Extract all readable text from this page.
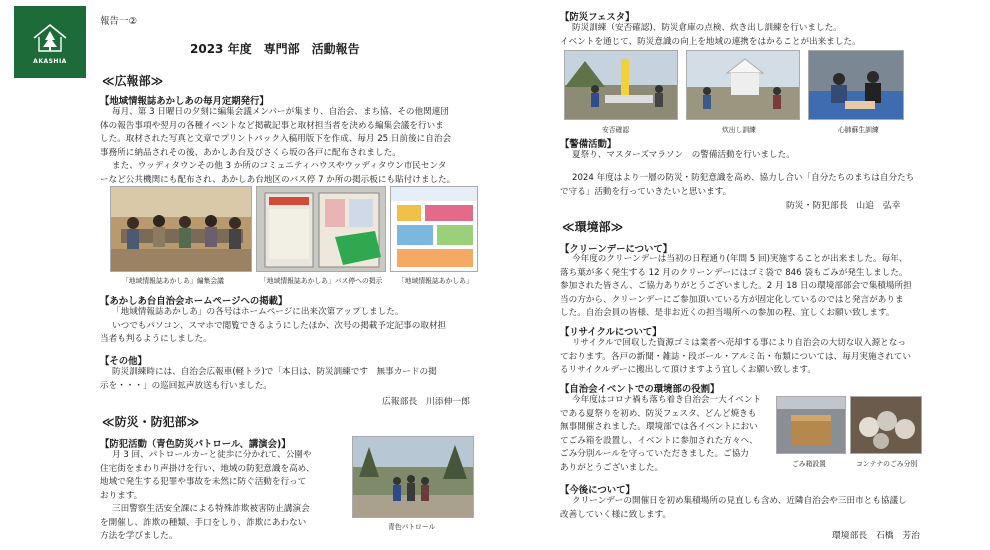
AKASHIA
報告一②
2023 年度　専門部　活動報告
≪広報部≫
【地域情報誌あかしあの毎月定期発行】
毎月、第 3 日曜日の夕刻に編集会議メンバーが集まり、自治会、まち協、その他関連団
体の報告事項や翌月の各種イベントなど掲載記事と取材担当者を決める編集会議を行いま
した。取材された写真と文章でプリントパック入稿用版下を作成、毎月 25 日前後に自治会
事務所に納品されその後、あかしあ台及びさくら坂の各戸に配布されました。
また、ウッディタウンその他 3 か所のコミュニティハウスやウッディタウン市民センタ
ーなど公共機関にも配布され、あかしあ台地区のバス停 7 か所の掲示板にも貼付けました。
「地域情報誌あかしあ」編集会議	「地域情報誌あかしあ」バス停への掲示 「地域情報誌あかしあ」
【あかしあ台自治会ホームページへの掲載】
「地域情報誌あかしあ」の各号はホームページに出来次第アップしました。
いつでもパソコン、スマホで閲覧できるようにしたほか、次号の掲載予定記事の取材担
当者も判るようにしました。
【その他】
防災訓練時には、自治会広報車(軽トラ)で「本日は、防災訓練です　無事カードの掲
示を・・・」の巡回拡声放送も行いました。
広報部長　川添伸一郎
≪防災・防犯部≫
【防犯活動（青色防災パトロール、講演会)】
月 3 回、パトロールカーと徒歩に分かれて、公園や
住宅街をまわり声掛けを行い、地域の防犯意識を高め、
地域で発生する犯罪や事故を未然に防ぐ活動を行って
おります。
三田警察生活安全課による特殊詐欺被害防止講演会
を開催し、詐欺の種類、手口をしり、詐欺にあわない
方法を学びました。
青色パトロール
【防災フェスタ】
防災訓練（安否確認)、防災倉庫の点検、炊き出し訓練を行いました。
イベントを通じて、防災意識の向上を地域の連携をはかることが出来ました。
安否確認	炊出し訓練	心肺蘇生訓練
【警備活動】
夏祭り、マスターズマラソン　の警備活動を行いました。
2024 年度はより一層の防災・防犯意識を高め、協力し合い「自分たちのまちは自分たち
で守る」活動を行っていきたいと思います。
防災・防犯部長　山追　弘幸
≪環境部≫
【クリーンデーについて】
今年度のクリーンデーは当初の日程通り(年間 5 回)実施することが出来ました。毎年、
落ち葉が多く発生する 12 月のクリーンデーにはゴミ袋で 846 袋もごみが発生しました。
参加された皆さん、ご協力ありがとうございました。2 月 18 日の環境部部会で集積場所担
当の方から、クリーンデーにご参加頂いている方が固定化しているのではと発言がありま
した。自治会員の皆様、是非お近くの担当場所への参加の程、宜しくお願い致します。
【リサイクルについて】
リサイクルで回収した資源ゴミは業者へ売却する事により自治会の大切な収入源となっ
ております。各戸の新聞・雑誌・段ボール・アルミ缶・布類については、毎月実施されてい
るリサイクルデーに搬出して頂けますよう宜しくお願い致します。
【自治会イベントでの環境部の役割】
今年度はコロナ禍も落ち着き自治会一大イベント
である夏祭りを初め、防災フェスタ、どんど焼きも
無事開催されました。環境部では各イベントにおい
てごみ箱を設置し、イベントに参加された方々へ、
ごみ分別ルールを守っていただきました。ご協力
ありがとうございました。	ごみ箱設置	コンテナのごみ分別
【今後について】
クリーンデーの開催日を初め集積場所の見直しも含め、近隣自治会や三田市とも協議し
改善していく様に致します。
環境部長　石橋　芳治
